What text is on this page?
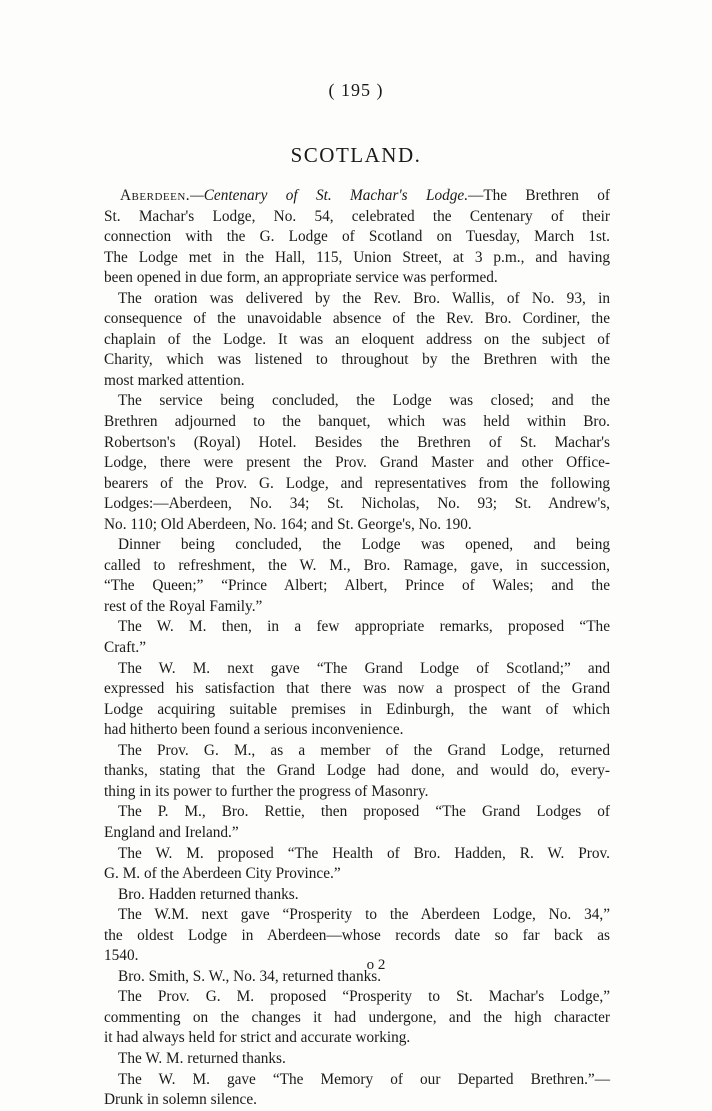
( 195 )
SCOTLAND.
Aberdeen.—Centenary of St. Machar's Lodge.—The Brethren of
St. Machar's Lodge, No. 54, celebrated the Centenary of their
connection with the G. Lodge of Scotland on Tuesday, March 1st.
The Lodge met in the Hall, 115, Union Street, at 3 p.m., and having
been opened in due form, an appropriate service was performed.
The oration was delivered by the Rev. Bro. Wallis, of No. 93, in
consequence of the unavoidable absence of the Rev. Bro. Cordiner, the
chaplain of the Lodge. It was an eloquent address on the subject of
Charity, which was listened to throughout by the Brethren with the
most marked attention.
The service being concluded, the Lodge was closed; and the
Brethren adjourned to the banquet, which was held within Bro.
Robertson's (Royal) Hotel. Besides the Brethren of St. Machar's
Lodge, there were present the Prov. Grand Master and other Office-
bearers of the Prov. G. Lodge, and representatives from the following
Lodges:—Aberdeen, No. 34; St. Nicholas, No. 93; St. Andrew's,
No. 110; Old Aberdeen, No. 164; and St. George's, No. 190.
Dinner being concluded, the Lodge was opened, and being
called to refreshment, the W. M., Bro. Ramage, gave, in succession,
“The Queen;” “Prince Albert; Albert, Prince of Wales; and the
rest of the Royal Family.”
The W. M. then, in a few appropriate remarks, proposed “The
Craft.”
The W. M. next gave “The Grand Lodge of Scotland;” and
expressed his satisfaction that there was now a prospect of the Grand
Lodge acquiring suitable premises in Edinburgh, the want of which
had hitherto been found a serious inconvenience.
The Prov. G. M., as a member of the Grand Lodge, returned
thanks, stating that the Grand Lodge had done, and would do, every-
thing in its power to further the progress of Masonry.
The P. M., Bro. Rettie, then proposed “The Grand Lodges of
England and Ireland.”
The W. M. proposed “The Health of Bro. Hadden, R. W. Prov.
G. M. of the Aberdeen City Province.”
Bro. Hadden returned thanks.
The W.M. next gave “Prosperity to the Aberdeen Lodge, No. 34,”
the oldest Lodge in Aberdeen—whose records date so far back as
1540.
Bro. Smith, S. W., No. 34, returned thanks.
The Prov. G. M. proposed “Prosperity to St. Machar's Lodge,”
commenting on the changes it had undergone, and the high character
it had always held for strict and accurate working.
The W. M. returned thanks.
The W. M. gave “The Memory of our Departed Brethren.”—
Drunk in solemn silence.
o 2
